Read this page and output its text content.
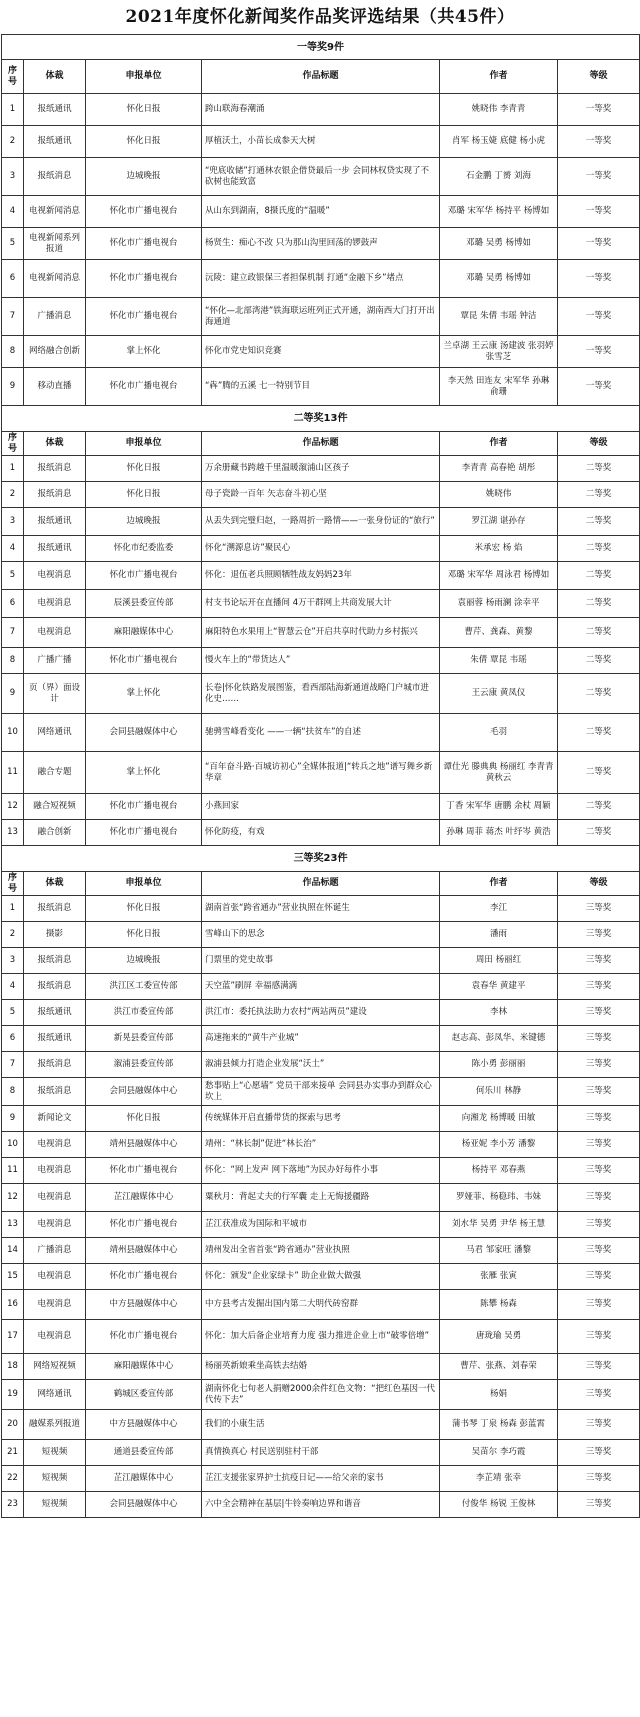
2021年度怀化新闻奖作品奖评选结果（共45件）
一等奖9件					
序号	体裁	申报单位	作品标题	作者	等级
1	报纸通讯	怀化日报	跨山联海春潮涌	姚晓伟 李青青	一等奖
2	报纸通讯	怀化日报	厚植沃土，小苗长成参天大树	肖军 杨玉婕 底健 杨小虎	一等奖
3	报纸消息	边城晚报	“兜底收储”打通林农银企借贷最后一步 会同林权贷实现了不砍树也能致富	石金鹏 丁赟 刘海	一等奖
4	电视新闻消息	怀化市广播电视台	从山东到湖南，8摄氏度的“温暖”	邓璐 宋军华 杨持平 杨博如	一等奖
5	电视新闻系列报道	怀化市广播电视台	杨贤生：痴心不改 只为那山沟里回荡的锣鼓声	邓璐 吴勇 杨博如	一等奖
6	电视新闻消息	怀化市广播电视台	沅陵：建立政银保三者担保机制 打通“金融下乡”堵点	邓璐 吴勇 杨博如	一等奖
7	广播消息	怀化市广播电视台	“怀化—北部湾港”铁海联运班列正式开通，湖南西大门打开出海通道	覃昆 朱倩 韦瑶 钟洁	一等奖
8	网络融合创新	掌上怀化	怀化市党史知识竞赛	兰卓湖 王云康 汤建波 张羽婷 张雪芝	一等奖
9	移动直播	怀化市广播电视台	“犇”腾的五溪 七一特别节目	李天然 田连友 宋军华 孙琳 俞珊	一等奖
二等奖13件					
序号	体裁	申报单位	作品标题	作者	等级
1	报纸消息	怀化日报	万余册藏书跨越千里温暖溆浦山区孩子	李青青 高春艳 胡彤	二等奖
2	报纸消息	怀化日报	母子瓷龄一百年 矢志奋斗初心坚	姚晓伟	二等奖
3	报纸通讯	边城晚报	从丢失到完璧归赵，一路周折一路情——一张身份证的“旅行”	罗江湖 谌孙存	二等奖
4	报纸通讯	怀化市纪委监委	怀化“溯源息访”聚民心	米承宏 杨 焰	二等奖
5	电视消息	怀化市广播电视台	怀化：退伍老兵照顾牺牲战友妈妈23年	邓璐 宋军华 周泳君 杨博如	二等奖
6	电视消息	辰溪县委宣传部	村支书论坛开在直播间 4万干群网上共商发展大计	袁丽蓉 杨雨澜 涂幸平	二等奖
7	电视消息	麻阳融媒体中心	麻阳特色水果用上“智慧云仓”开启共享时代助力乡村振兴	曹芹、龚森、黄黎	二等奖
8	广播广播	怀化市广播电视台	慢火车上的“带货达人”	朱倩 覃昆 韦瑶	二等奖
9	页（界）面设计	掌上怀化	长卷|怀化铁路发展图鉴，看西部陆海新通道战略门户城市进化史……	王云康 黄凤仪	二等奖
10	网络通讯	会同县融媒体中心	驰骋雪峰看变化 ——一辆“扶贫车”的自述	毛羽	二等奖
11	融合专题	掌上怀化	“百年奋斗路·百城访初心”全媒体报道|“转兵之地”谱写舞乡新华章	谭仕光 滕典典 杨丽红 李青青 黄秋云	二等奖
12	融合短视频	怀化市广播电视台	小燕回家	丁香 宋军华 唐鹏 余杖 周颖	二等奖
13	融合创新	怀化市广播电视台	怀化防疫，有戏	孙琳 周菲 蒋杰 叶纾岑 黄浩	二等奖
三等奖23件					
序号	体裁	申报单位	作品标题	作者	等级
1	报纸消息	怀化日报	湖南首张“跨省通办”营业执照在怀诞生	李江	三等奖
2	摄影	怀化日报	雪峰山下的思念	潘雨	三等奖
3	报纸消息	边城晚报	门票里的党史故事	周田 杨丽红	三等奖
4	报纸消息	洪江区工委宣传部	天空蓝”刷屏 幸福感满满	袁春华 黄建平	三等奖
5	报纸通讯	洪江市委宣传部	洪江市：委托执法助力农村“两站两员”建设	李林	三等奖
6	报纸通讯	新晃县委宣传部	高速拖来的“黄牛产业城”	赵志高、彭凤华、米键德	三等奖
7	报纸消息	溆浦县委宣传部	溆浦县倾力打造企业发展“沃土”	陈小勇 彭丽丽	三等奖
8	报纸消息	会同县融媒体中心	愁事贴上“心愿墙” 党员干部来接单 会同县办实事办到群众心坎上	何乐川 林静	三等奖
9	新闻论文	怀化日报	传统媒体开启直播带货的探索与思考	向湘龙 杨博暖 田敏	三等奖
10	电视消息	靖州县融媒体中心	靖州：“林长制”促进“林长治”	杨亚妮 李小芳 潘黎	三等奖
11	电视消息	怀化市广播电视台	怀化：“网上发声 网下落地”为民办好每件小事	杨持平 邓春燕	三等奖
12	电视消息	芷江融媒体中心	粟秋月：背起丈夫的行军囊 走上无悔援疆路	罗娅菲、杨稳玮、韦妹	三等奖
13	电视消息	怀化市广播电视台	芷江获准成为国际和平城市	刘水华 吴勇 尹华 杨王慧	三等奖
14	广播消息	靖州县融媒体中心	靖州发出全省首张“跨省通办”营业执照	马君 邹家旺 潘黎	三等奖
15	电视消息	怀化市广播电视台	怀化：颁发“企业家绿卡” 助企业做大做强	张雁 张寅	三等奖
16	电视消息	中方县融媒体中心	中方县考古发掘出国内第二大明代砖窑群	陈攀 杨森	三等奖
17	电视消息	怀化市广播电视台	怀化：加大后备企业培育力度 强力推进企业上市“破零倍增”	唐珑瑜 吴勇	三等奖
18	网络短视频	麻阳融媒体中心	杨丽英新娘乘坐高铁去结婚	曹芹、张燕、刘春荣	三等奖
19	网络通讯	鹤城区委宣传部	湖南怀化七旬老人捐赠2000余件红色文物：“把红色基因一代代传下去”	杨娟	三等奖
20	融媒系列报道	中方县融媒体中心	我们的小康生活	蒲书琴 丁泉 杨森 彭蓝霄	三等奖
21	短视频	通道县委宣传部	真情换真心 村民送别驻村干部	吴苗尔 李巧霞	三等奖
22	短视频	芷江融媒体中心	芷江支援张家界护士抗疫日记——给父亲的家书	李芷靖 张幸	三等奖
23	短视频	会同县融媒体中心	六中全会精神在基层|牛铃奏响边界和谐音	付俊华 杨锐 王俊林	三等奖
